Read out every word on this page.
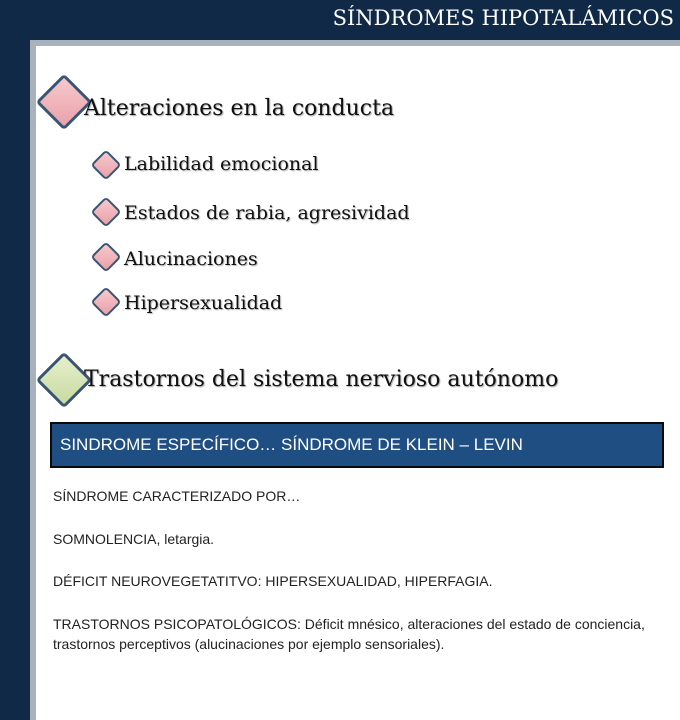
SÍNDROMES HIPOTALÁMICOS
Alteraciones en la conducta
Labilidad emocional
Estados de rabia, agresividad
Alucinaciones
Hipersexualidad
Trastornos del sistema nervioso autónomo
SINDROME ESPECÍFICO… SÍNDROME DE KLEIN – LEVIN
SÍNDROME CARACTERIZADO POR…
SOMNOLENCIA, letargia.
DÉFICIT NEUROVEGETATITVO: HIPERSEXUALIDAD, HIPERFAGIA.
TRASTORNOS PSICOPATOLÓGICOS: Déficit mnésico, alteraciones del estado de conciencia, trastornos perceptivos (alucinaciones por ejemplo sensoriales).
